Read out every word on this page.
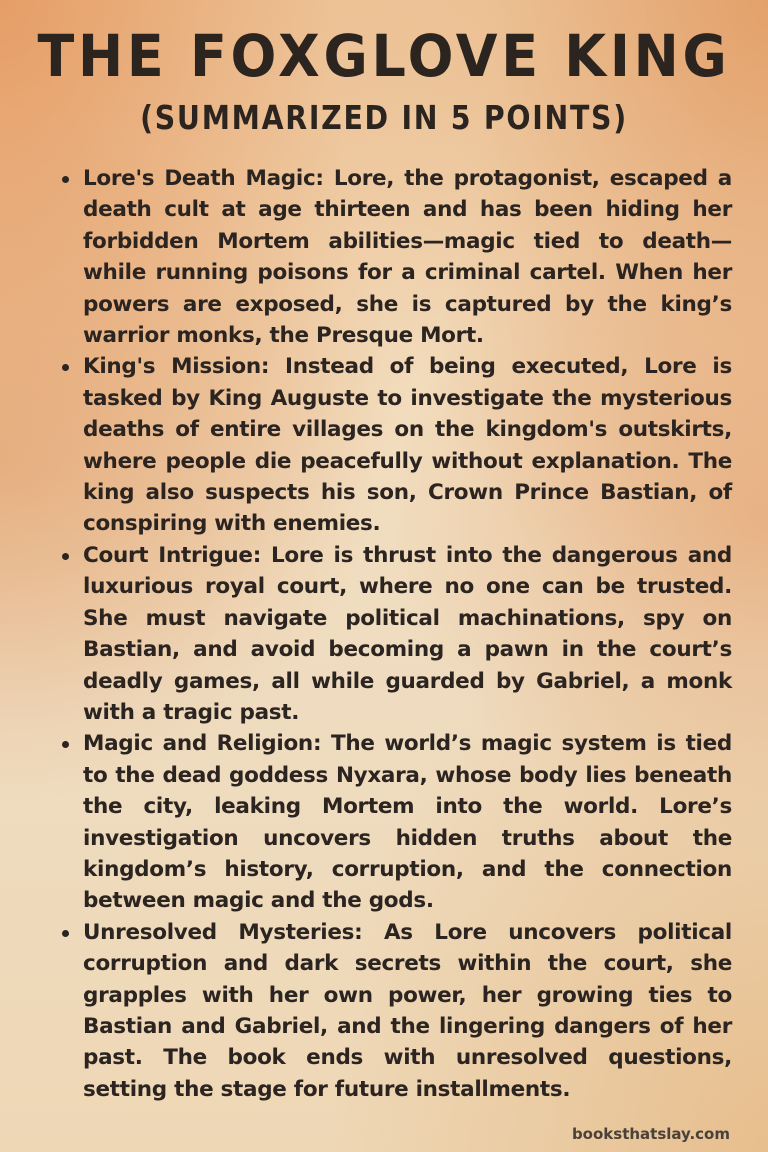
THE FOXGLOVE KING
(SUMMARIZED IN 5 POINTS)
Lore's Death Magic: Lore, the protagonist, escaped a death cult at age thirteen and has been hiding her forbidden Mortem abilities—magic tied to death—while running poisons for a criminal cartel. When her powers are exposed, she is captured by the king’s warrior monks, the Presque Mort.
King's Mission: Instead of being executed, Lore is tasked by King Auguste to investigate the mysterious deaths of entire villages on the kingdom's outskirts, where people die peacefully without explanation. The king also suspects his son, Crown Prince Bastian, of conspiring with enemies.
Court Intrigue: Lore is thrust into the dangerous and luxurious royal court, where no one can be trusted. She must navigate political machinations, spy on Bastian, and avoid becoming a pawn in the court’s deadly games, all while guarded by Gabriel, a monk with a tragic past.
Magic and Religion: The world’s magic system is tied to the dead goddess Nyxara, whose body lies beneath the city, leaking Mortem into the world. Lore’s investigation uncovers hidden truths about the kingdom’s history, corruption, and the connection between magic and the gods.
Unresolved Mysteries: As Lore uncovers political corruption and dark secrets within the court, she grapples with her own power, her growing ties to Bastian and Gabriel, and the lingering dangers of her past. The book ends with unresolved questions, setting the stage for future installments.
booksthatslay.com
